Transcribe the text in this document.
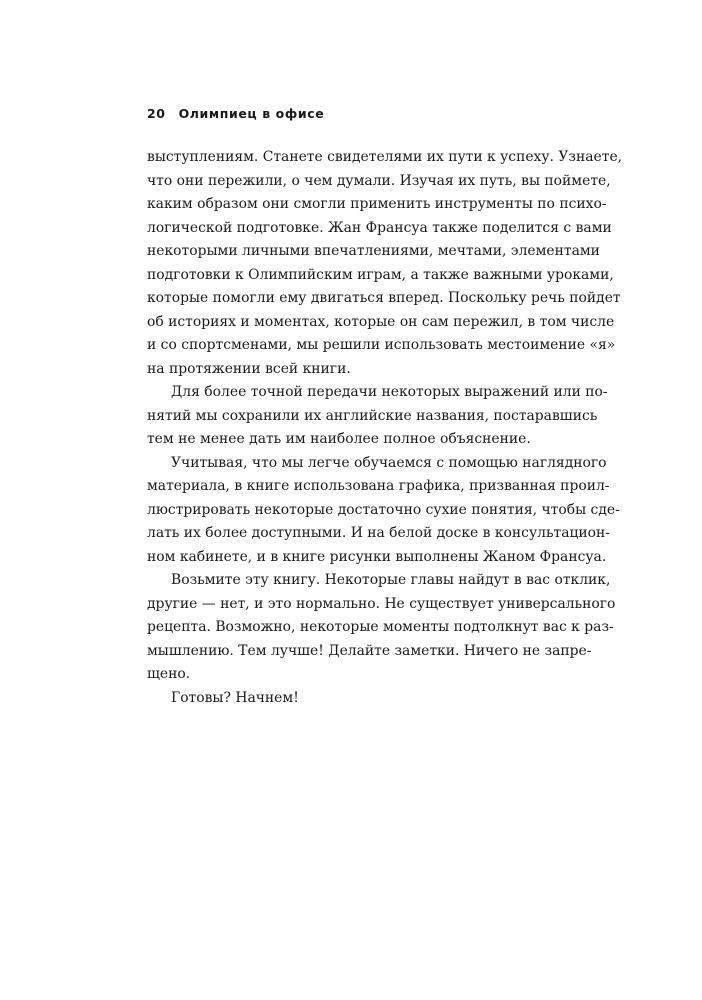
20 Олимпиец в офисе
выступлениям. Станете свидетелями их пути к успеху. Узнаете,
что они пережили, о чем думали. Изучая их путь, вы поймете,
каким образом они смогли применить инструменты по психо-
логической подготовке. Жан Франсуа также поделится с вами
некоторыми личными впечатлениями, мечтами, элементами
подготовки к Олимпийским играм, а также важными уроками,
которые помогли ему двигаться вперед. Поскольку речь пойдет
об историях и моментах, которые он сам пережил, в том числе
и со спортсменами, мы решили использовать местоимение «я»
на протяжении всей книги.
Для более точной передачи некоторых выражений или по-
нятий мы сохранили их английские названия, постаравшись
тем не менее дать им наиболее полное объяснение.
Учитывая, что мы легче обучаемся с помощью наглядного
материала, в книге использована графика, призванная проил-
люстрировать некоторые достаточно сухие понятия, чтобы сде-
лать их более доступными. И на белой доске в консультацион-
ном кабинете, и в книге рисунки выполнены Жаном Франсуа.
Возьмите эту книгу. Некоторые главы найдут в вас отклик,
другие — нет, и это нормально. Не существует универсального
рецепта. Возможно, некоторые моменты подтолкнут вас к раз-
мышлению. Тем лучше! Делайте заметки. Ничего не запре-
щено.
Готовы? Начнем!
